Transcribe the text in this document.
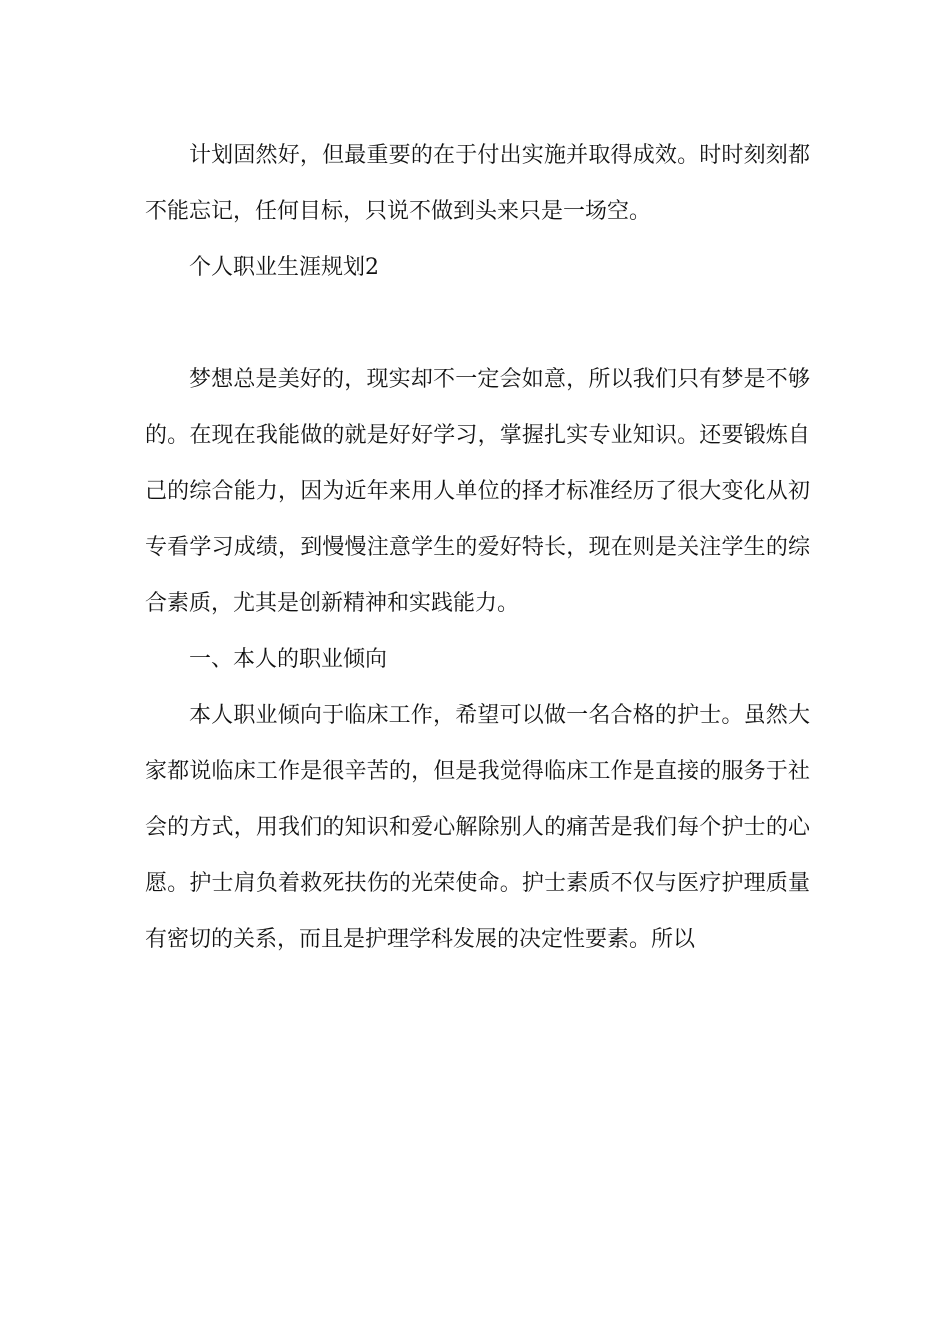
计划固然好，但最重要的在于付出实施并取得成效。时时刻刻都不能忘记，任何目标，只说不做到头来只是一场空。

个人职业生涯规划2

梦想总是美好的，现实却不一定会如意，所以我们只有梦是不够的。在现在我能做的就是好好学习，掌握扎实专业知识。还要锻炼自己的综合能力，因为近年来用人单位的择才标准经历了很大变化从初专看学习成绩，到慢慢注意学生的爱好特长，现在则是关注学生的综合素质，尤其是创新精神和实践能力。

一、本人的职业倾向

本人职业倾向于临床工作，希望可以做一名合格的护士。虽然大家都说临床工作是很辛苦的，但是我觉得临床工作是直接的服务于社会的方式，用我们的知识和爱心解除别人的痛苦是我们每个护士的心愿。护士肩负着救死扶伤的光荣使命。护士素质不仅与医疗护理质量有密切的关系，而且是护理学科发展的决定性要素。所以
